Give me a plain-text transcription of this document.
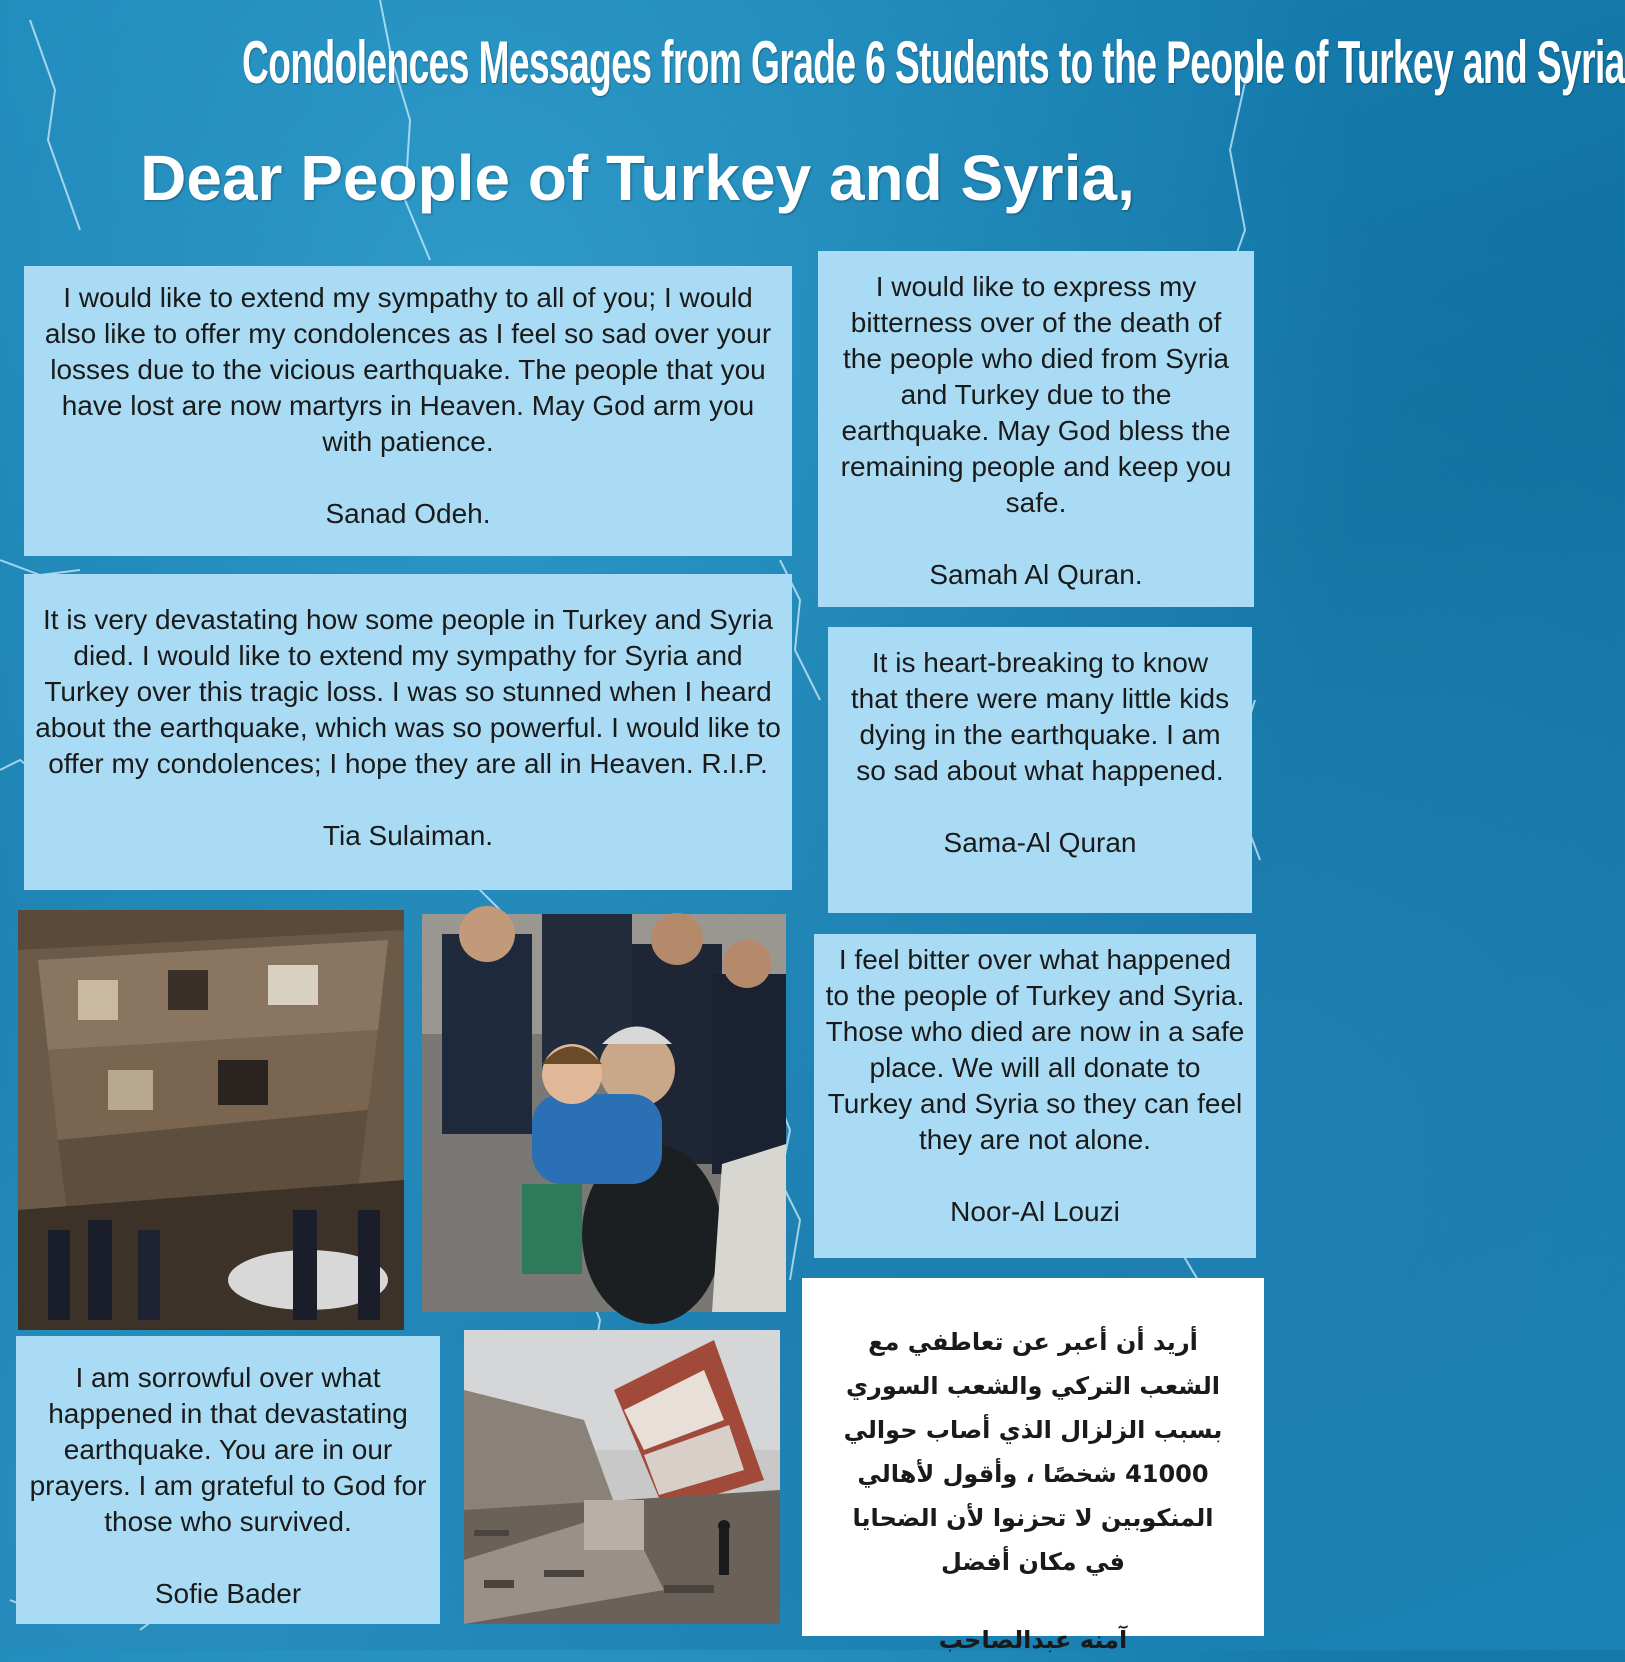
Condolences Messages from Grade 6 Students to the People of Turkey and Syria
Dear People of Turkey and Syria,
I would like to extend my sympathy to all of you; I would also like to offer my condolences as I feel so sad over your losses due to the vicious earthquake. The people that you have lost are now martyrs in Heaven. May God arm you with patience.
Sanad Odeh.
I would like to express my bitterness over of the death of the people who died from Syria and Turkey due to the earthquake. May God bless the remaining people and keep you safe.
Samah Al Quran.
It is very devastating how some people in Turkey and Syria died. I would like to extend my sympathy for Syria and Turkey over this tragic loss. I was so stunned when I heard about the earthquake, which was so powerful. I would like to offer my condolences; I hope they are all in Heaven. R.I.P.
Tia Sulaiman.
It is heart-breaking to know that there were many little kids dying in the earthquake. I am so sad about what happened.
Sama-Al Quran
I feel bitter over what happened to the people of Turkey and Syria. Those who died are now in a safe place. We will all donate to Turkey and Syria so they can feel they are not alone.
Noor-Al Louzi
I am sorrowful over what happened in that devastating earthquake. You are in our prayers. I am grateful to God for those who survived.
Sofie Bader
أريد أن أعبر عن تعاطفي مع الشعب التركي والشعب السوري بسبب الزلزال الذي أصاب حوالي 41000 شخصًا ، وأقول لأهالي المنكوبين لا تحزنوا لأن الضحايا في مكان أفضل
آمنه عبدالصاحب
